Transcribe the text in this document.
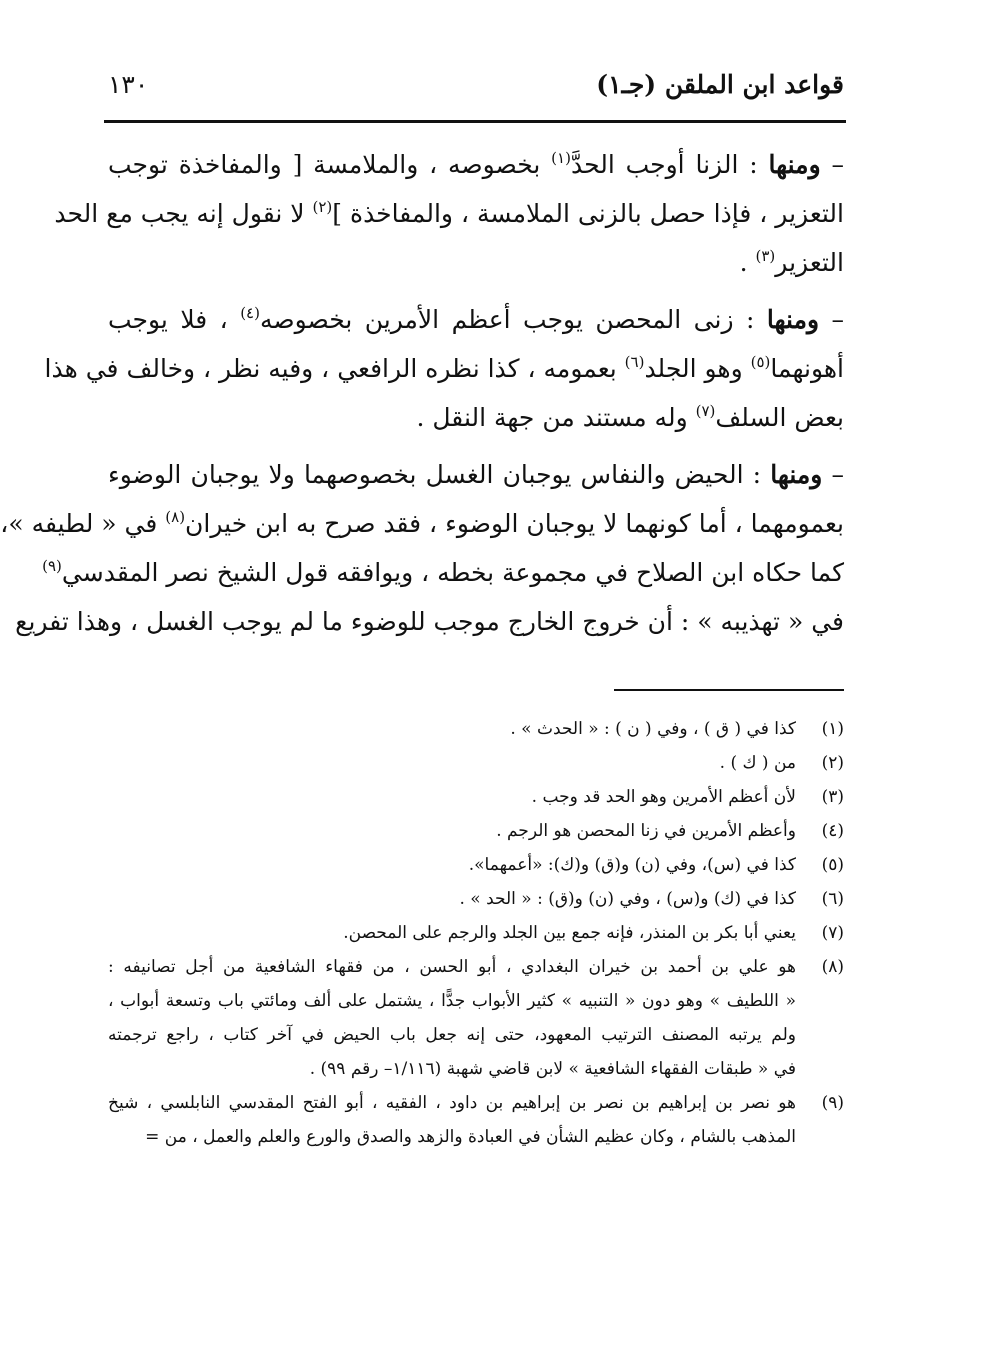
قواعد ابن الملقن (جـ١)
١٣٠
– ومنها : الزنا أوجب الحدَّ$^{(١)}$ بخصوصه ، والملامسة [ والمفاخذة توجب
التعزير ، فإذا حصل بالزنى الملامسة ، والمفاخذة ]$^{(٢)}$ لا نقول إنه يجب مع الحد
التعزير$^{(٣)}$ .
– ومنها : زنى المحصن يوجب أعظم الأمرين بخصوصه$^{(٤)}$ ، فلا يوجب
أهونهما$^{(٥)}$ وهو الجلد$^{(٦)}$ بعمومه ، كذا نظره الرافعي ، وفيه نظر ، وخالف في هذا
بعض السلف$^{(٧)}$ وله مستند من جهة النقل .
– ومنها : الحيض والنفاس يوجبان الغسل بخصوصهما ولا يوجبان الوضوء
بعمومهما ، أما كونهما لا يوجبان الوضوء ، فقد صرح به ابن خيران$^{(٨)}$ في « لطيفه »،
كما حكاه ابن الصلاح في مجموعة بخطه ، ويوافقه قول الشيخ نصر المقدسي$^{(٩)}$
في « تهذيبه » : أن خروج الخارج موجب للوضوء ما لم يوجب الغسل ، وهذا تفريع
(١)
كذا في ( ق ) ، وفي ( ن ) : « الحدث » .
(٢)
من ( ك ) .
(٣)
لأن أعظم الأمرين وهو الحد قد وجب .
(٤)
وأعظم الأمرين في زنا المحصن هو الرجم .
(٥)
كذا في (س)، وفي (ن) و(ق) و(ك): «أعمهما».
(٦)
كذا في (ك) و(س) ، وفي (ن) و(ق) : « الحد » .
(٧)
يعني أبا بكر بن المنذر، فإنه جمع بين الجلد والرجم على المحصن.
(٨)
هو علي بن أحمد بن خيران البغدادي ، أبو الحسن ، من فقهاء الشافعية من أجل تصانيفه :
« اللطيف » وهو دون « التنبيه » كثير الأبواب جدًّا ، يشتمل على ألف ومائتي باب وتسعة أبواب ،
ولم يرتبه المصنف الترتيب المعهود، حتى إنه جعل باب الحيض في آخر كتاب ، راجع ترجمته
في « طبقات الفقهاء الشافعية » لابن قاضي شهبة (١/١١٦– رقم ٩٩) .
(٩)
هو نصر بن إبراهيم بن نصر بن إبراهيم بن داود ، الفقيه ، أبو الفتح المقدسي النابلسي ، شيخ
المذهب بالشام ، وكان عظيم الشأن في العبادة والزهد والصدق والورع والعلم والعمل ، من =
